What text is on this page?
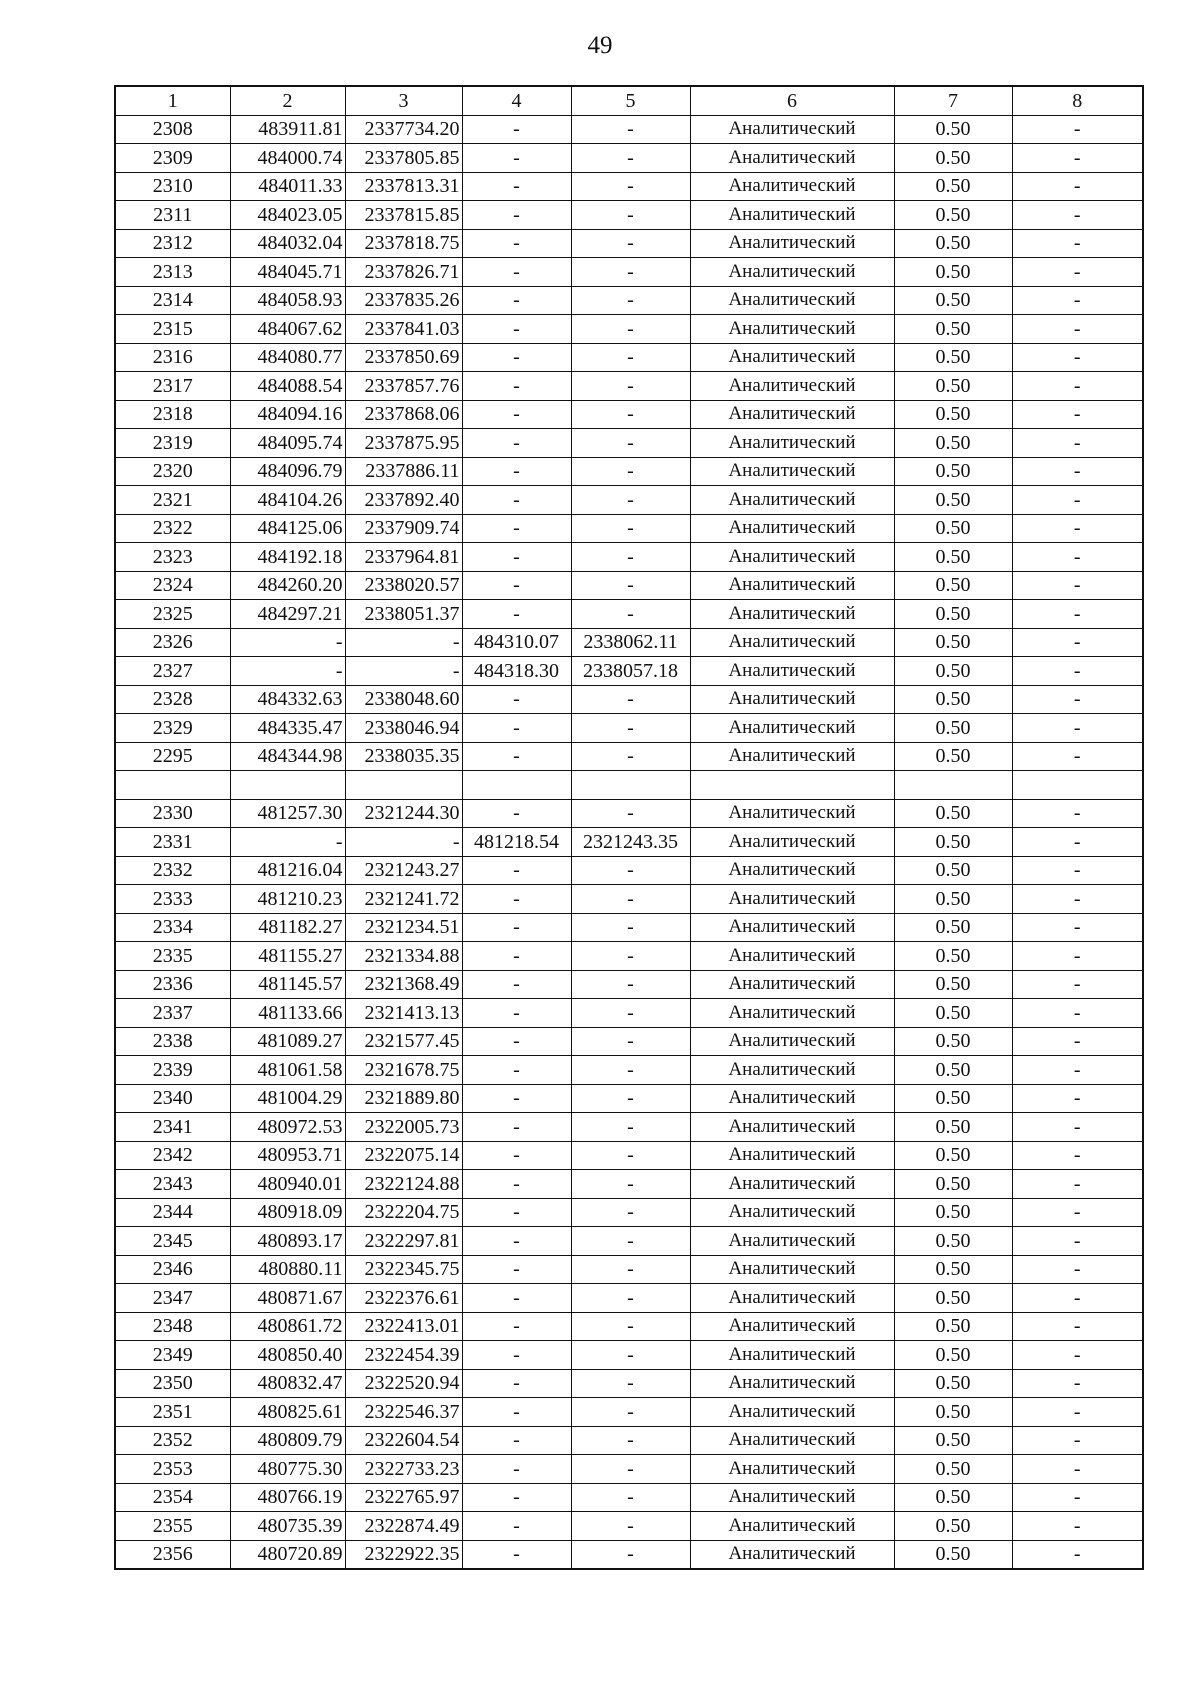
49
1	2	3	4	5	6	7	8
2308	483911.81	2337734.20	-	-	Аналитический	0.50	-
2309	484000.74	2337805.85	-	-	Аналитический	0.50	-
2310	484011.33	2337813.31	-	-	Аналитический	0.50	-
2311	484023.05	2337815.85	-	-	Аналитический	0.50	-
2312	484032.04	2337818.75	-	-	Аналитический	0.50	-
2313	484045.71	2337826.71	-	-	Аналитический	0.50	-
2314	484058.93	2337835.26	-	-	Аналитический	0.50	-
2315	484067.62	2337841.03	-	-	Аналитический	0.50	-
2316	484080.77	2337850.69	-	-	Аналитический	0.50	-
2317	484088.54	2337857.76	-	-	Аналитический	0.50	-
2318	484094.16	2337868.06	-	-	Аналитический	0.50	-
2319	484095.74	2337875.95	-	-	Аналитический	0.50	-
2320	484096.79	2337886.11	-	-	Аналитический	0.50	-
2321	484104.26	2337892.40	-	-	Аналитический	0.50	-
2322	484125.06	2337909.74	-	-	Аналитический	0.50	-
2323	484192.18	2337964.81	-	-	Аналитический	0.50	-
2324	484260.20	2338020.57	-	-	Аналитический	0.50	-
2325	484297.21	2338051.37	-	-	Аналитический	0.50	-
2326	-	-	484310.07	2338062.11	Аналитический	0.50	-
2327	-	-	484318.30	2338057.18	Аналитический	0.50	-
2328	484332.63	2338048.60	-	-	Аналитический	0.50	-
2329	484335.47	2338046.94	-	-	Аналитический	0.50	-
2295	484344.98	2338035.35	-	-	Аналитический	0.50	-

2330	481257.30	2321244.30	-	-	Аналитический	0.50	-
2331	-	-	481218.54	2321243.35	Аналитический	0.50	-
2332	481216.04	2321243.27	-	-	Аналитический	0.50	-
2333	481210.23	2321241.72	-	-	Аналитический	0.50	-
2334	481182.27	2321234.51	-	-	Аналитический	0.50	-
2335	481155.27	2321334.88	-	-	Аналитический	0.50	-
2336	481145.57	2321368.49	-	-	Аналитический	0.50	-
2337	481133.66	2321413.13	-	-	Аналитический	0.50	-
2338	481089.27	2321577.45	-	-	Аналитический	0.50	-
2339	481061.58	2321678.75	-	-	Аналитический	0.50	-
2340	481004.29	2321889.80	-	-	Аналитический	0.50	-
2341	480972.53	2322005.73	-	-	Аналитический	0.50	-
2342	480953.71	2322075.14	-	-	Аналитический	0.50	-
2343	480940.01	2322124.88	-	-	Аналитический	0.50	-
2344	480918.09	2322204.75	-	-	Аналитический	0.50	-
2345	480893.17	2322297.81	-	-	Аналитический	0.50	-
2346	480880.11	2322345.75	-	-	Аналитический	0.50	-
2347	480871.67	2322376.61	-	-	Аналитический	0.50	-
2348	480861.72	2322413.01	-	-	Аналитический	0.50	-
2349	480850.40	2322454.39	-	-	Аналитический	0.50	-
2350	480832.47	2322520.94	-	-	Аналитический	0.50	-
2351	480825.61	2322546.37	-	-	Аналитический	0.50	-
2352	480809.79	2322604.54	-	-	Аналитический	0.50	-
2353	480775.30	2322733.23	-	-	Аналитический	0.50	-
2354	480766.19	2322765.97	-	-	Аналитический	0.50	-
2355	480735.39	2322874.49	-	-	Аналитический	0.50	-
2356	480720.89	2322922.35	-	-	Аналитический	0.50	-
